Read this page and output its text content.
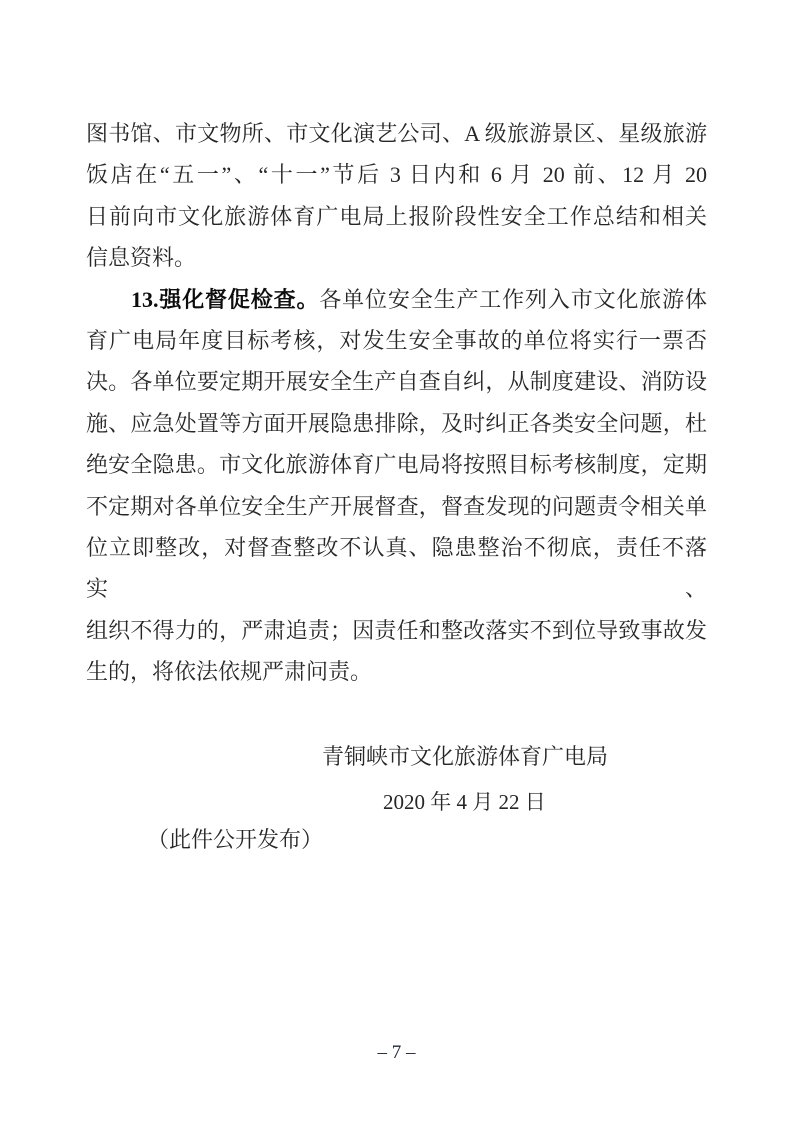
图书馆、市文物所、市文化演艺公司、A 级旅游景区、星级旅游
饭店在“五一”、“十一”节后 3 日内和 6 月 20 前、12 月 20
日前向市文化旅游体育广电局上报阶段性安全工作总结和相关
信息资料。
13.强化督促检查。各单位安全生产工作列入市文化旅游体
育广电局年度目标考核，对发生安全事故的单位将实行一票否
决。各单位要定期开展安全生产自查自纠，从制度建设、消防设
施、应急处置等方面开展隐患排除，及时纠正各类安全问题，杜
绝安全隐患。市文化旅游体育广电局将按照目标考核制度，定期
不定期对各单位安全生产开展督查，督查发现的问题责令相关单
位立即整改，对督查整改不认真、隐患整治不彻底，责任不落实、
组织不得力的，严肃追责；因责任和整改落实不到位导致事故发
生的，将依法依规严肃问责。
青铜峡市文化旅游体育广电局
2020 年 4 月 22 日
（此件公开发布）
– 7 –
